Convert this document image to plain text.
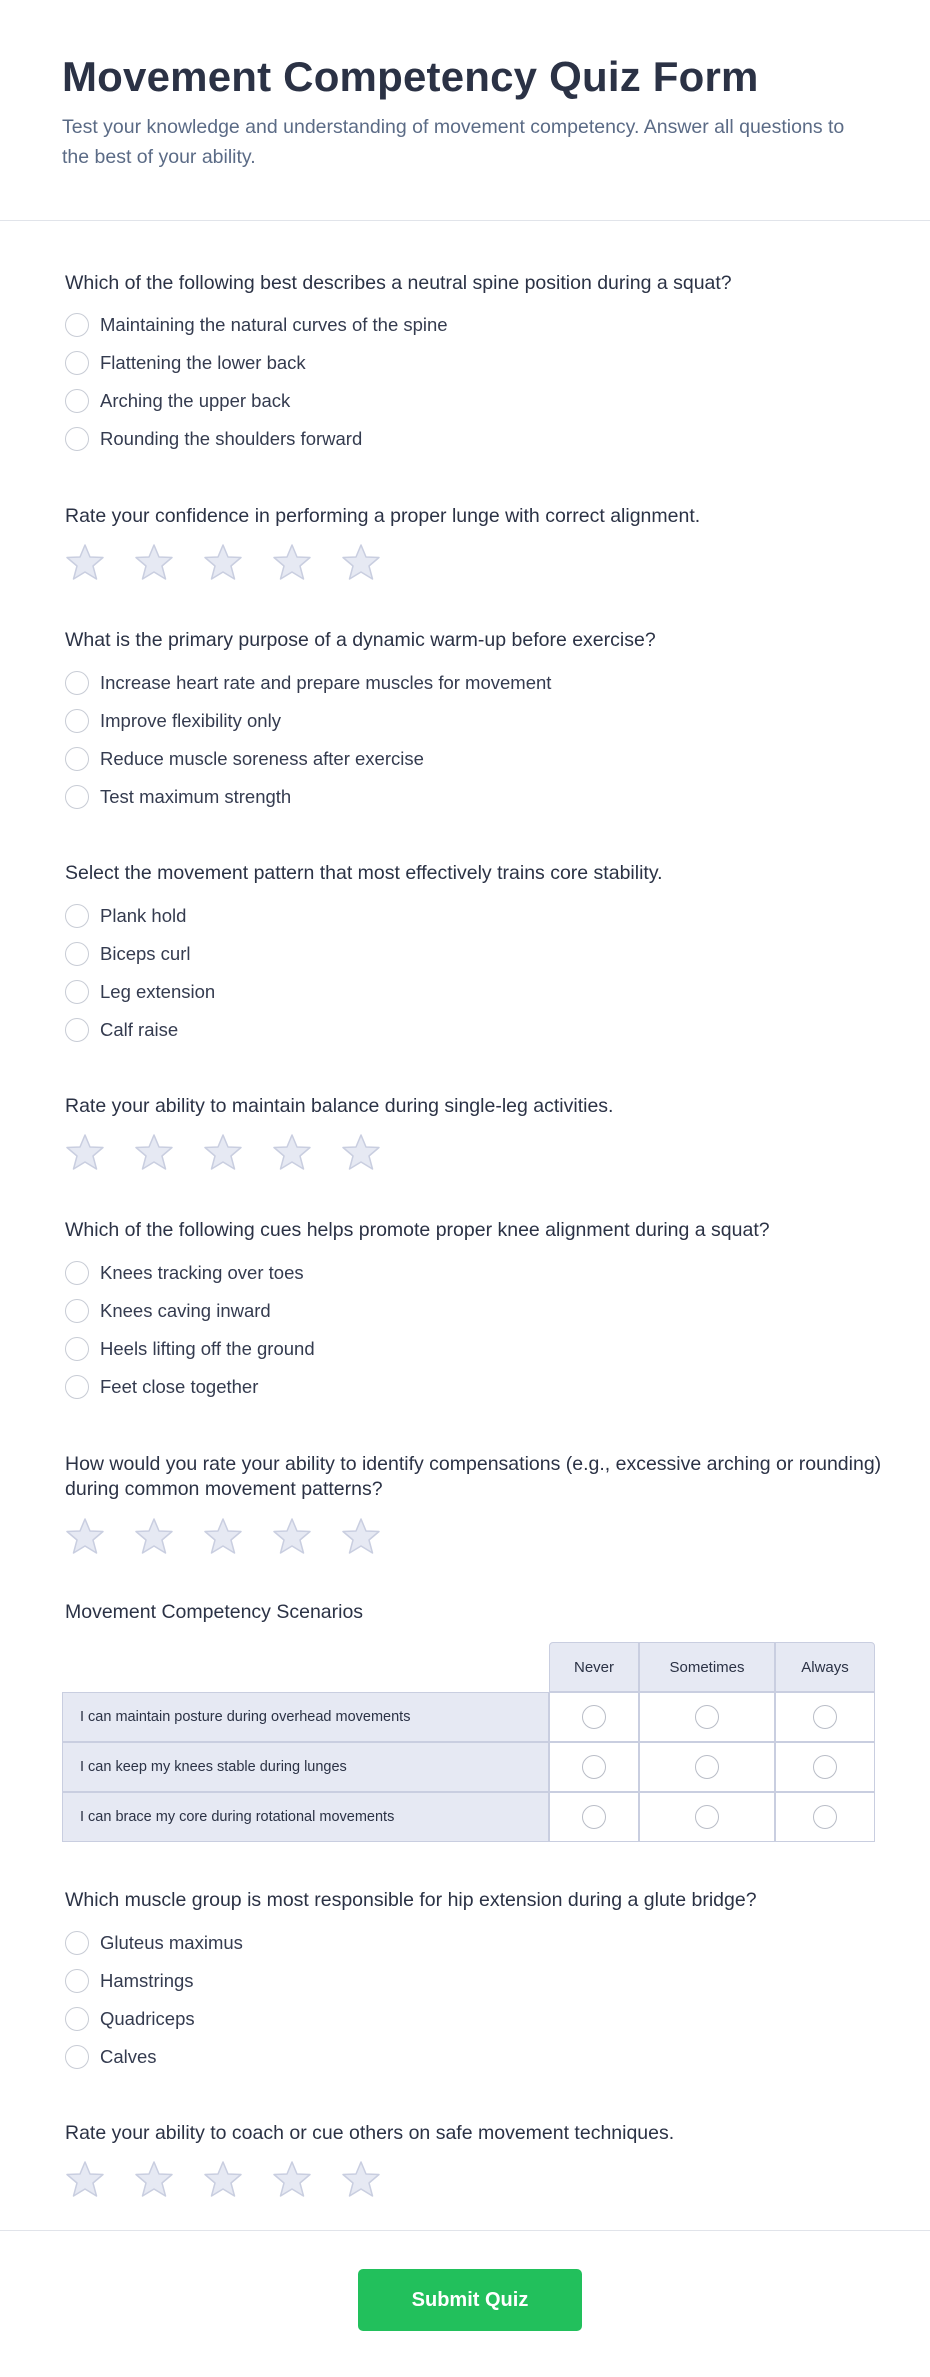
Movement Competency Quiz Form

Test your knowledge and understanding of movement competency. Answer all questions to the best of your ability.

Which of the following best describes a neutral spine position during a squat?
Maintaining the natural curves of the spine
Flattening the lower back
Arching the upper back
Rounding the shoulders forward
Rate your confidence in performing a proper lunge with correct alignment.
What is the primary purpose of a dynamic warm-up before exercise?
Increase heart rate and prepare muscles for movement
Improve flexibility only
Reduce muscle soreness after exercise
Test maximum strength
Select the movement pattern that most effectively trains core stability.
Plank hold
Biceps curl
Leg extension
Calf raise
Rate your ability to maintain balance during single-leg activities.
Which of the following cues helps promote proper knee alignment during a squat?
Knees tracking over toes
Knees caving inward
Heels lifting off the ground
Feet close together
How would you rate your ability to identify compensations (e.g., excessive arching or rounding) during common movement patterns?
Movement Competency Scenarios
	Never	Sometimes	Always
I can maintain posture during overhead movements			
I can keep my knees stable during lunges			
I can brace my core during rotational movements			
Which muscle group is most responsible for hip extension during a glute bridge?
Gluteus maximus
Hamstrings
Quadriceps
Calves
Rate your ability to coach or cue others on safe movement techniques.
Submit Quiz
